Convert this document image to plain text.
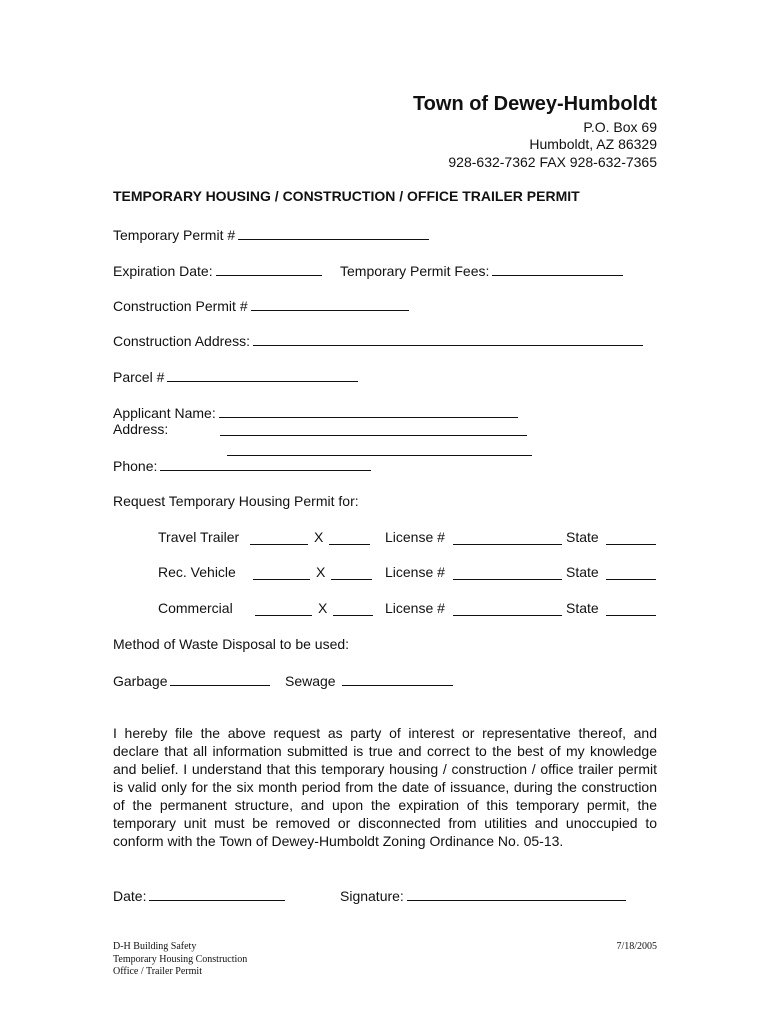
Town of Dewey-Humboldt
P.O. Box 69
Humboldt, AZ 86329
928-632-7362 FAX 928-632-7365
TEMPORARY HOUSING / CONSTRUCTION / OFFICE TRAILER PERMIT
Temporary Permit #
Expiration Date:	Temporary Permit Fees:
Construction Permit #
Construction Address:
Parcel #
Applicant Name:
Address:
Phone:
Request Temporary Housing Permit for:
Travel Trailer	X	License #	State
Rec. Vehicle	X	License #	State
Commercial	X	License #	State
Method of Waste Disposal to be used:
Garbage	Sewage
I hereby file the above request as party of interest or representative thereof, and declare that all information submitted is true and correct to the best of my knowledge and belief. I understand that this temporary housing / construction / office trailer permit is valid only for the six month period from the date of issuance, during the construction of the permanent structure, and upon the expiration of this temporary permit, the temporary unit must be removed or disconnected from utilities and unoccupied to conform with the Town of Dewey-Humboldt Zoning Ordinance No. 05-13.
Date:	Signature:
D-H Building Safety
Temporary Housing Construction
Office / Trailer Permit
7/18/2005
